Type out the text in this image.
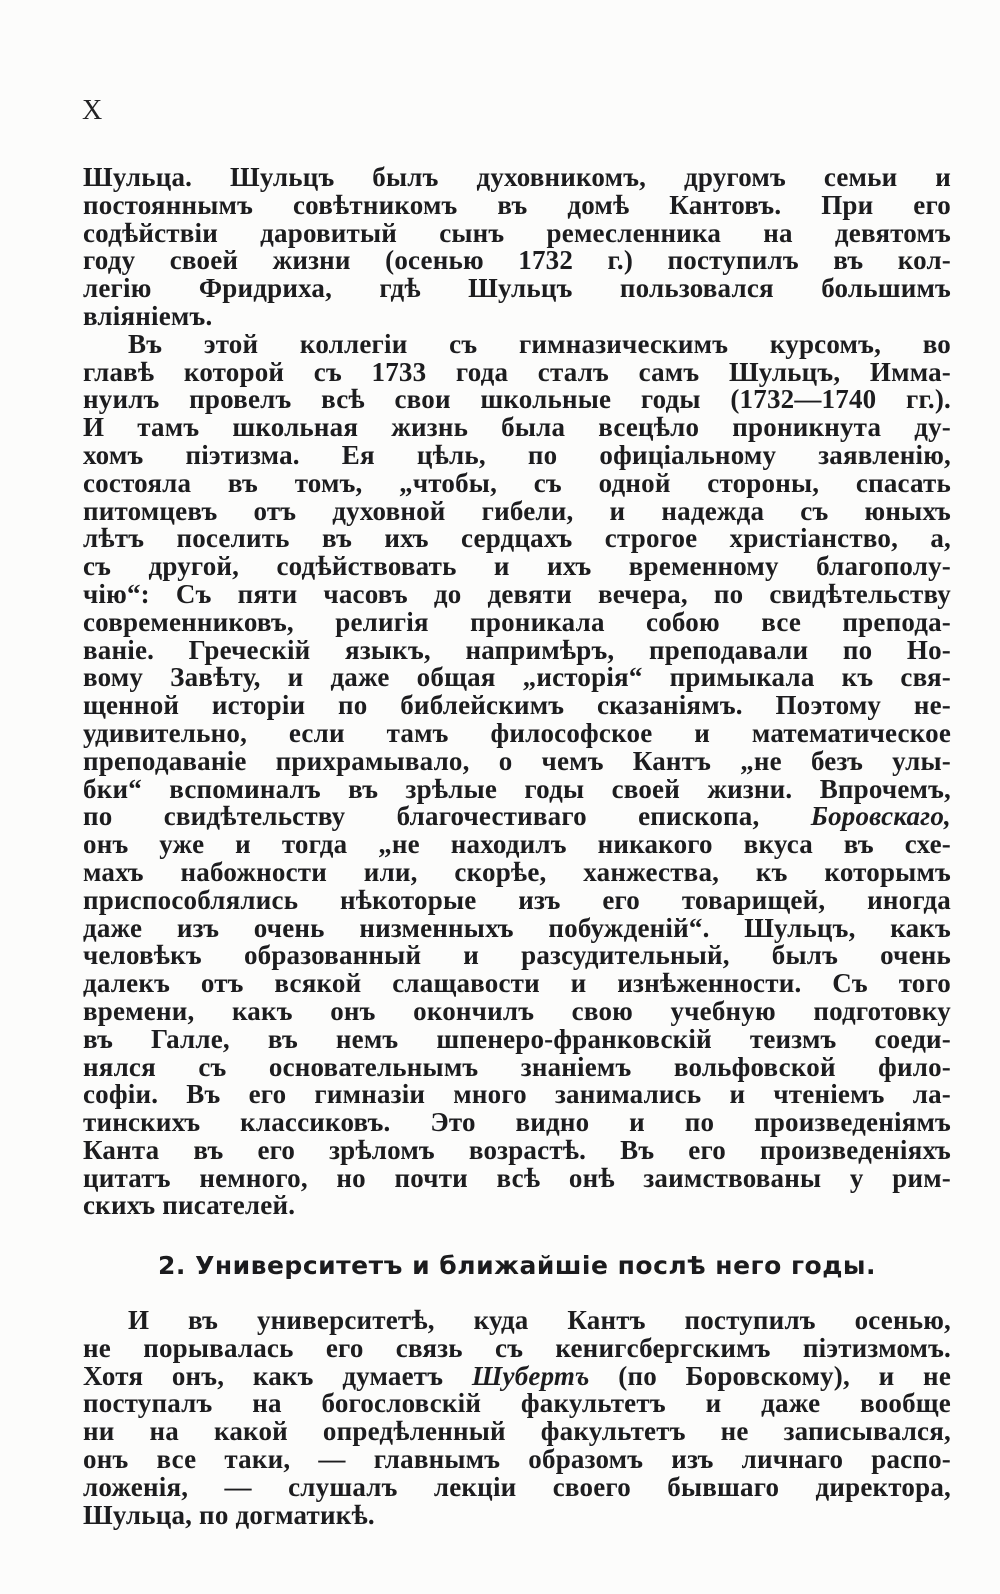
X
Шульца. Шульцъ былъ духовникомъ, другомъ семьи и
постояннымъ совѣтникомъ въ домѣ Кантовъ. При его
содѣйствіи даровитый сынъ ремесленника на девятомъ
году своей жизни (осенью 1732 г.) поступилъ въ кол-
легію Фридриха, гдѣ Шульцъ пользовался большимъ
вліяніемъ.
Въ этой коллегіи съ гимназическимъ курсомъ, во
главѣ которой съ 1733 года сталъ самъ Шульцъ, Имма-
нуилъ провелъ всѣ свои школьные годы (1732—1740 гг.).
И тамъ школьная жизнь была всецѣло проникнута ду-
хомъ піэтизма. Ея цѣль, по офиціальному заявленію,
состояла въ томъ, „чтобы, съ одной стороны, спасать
питомцевъ отъ духовной гибели, и надежда съ юныхъ
лѣтъ поселить въ ихъ сердцахъ строгое христіанство, а,
съ другой, содѣйствовать и ихъ временному благополу-
чію“: Съ пяти часовъ до девяти вечера, по свидѣтельству
современниковъ, религія проникала собою все препода-
ваніе. Греческій языкъ, напримѣръ, преподавали по Но-
вому Завѣту, и даже общая „исторія“ примыкала къ свя-
щенной исторіи по библейскимъ сказаніямъ. Поэтому не-
удивительно, если тамъ философское и математическое
преподаваніе прихрамывало, о чемъ Кантъ „не безъ улы-
бки“ вспоминалъ въ зрѣлые годы своей жизни. Впрочемъ,
по свидѣтельству благочестиваго епископа, Боровскаго,
онъ уже и тогда „не находилъ никакого вкуса въ схе-
махъ набожности или, скорѣе, ханжества, къ которымъ
приспособлялись нѣкоторые изъ его товарищей, иногда
даже изъ очень низменныхъ побужденій“. Шульцъ, какъ
человѣкъ образованный и разсудительный, былъ очень
далекъ отъ всякой слащавости и изнѣженности. Съ того
времени, какъ онъ окончилъ свою учебную подготовку
въ Галле, въ немъ шпенеро-франковскій теизмъ соеди-
нялся съ основательнымъ знаніемъ вольфовской фило-
софіи. Въ его гимназіи много занимались и чтеніемъ ла-
тинскихъ классиковъ. Это видно и по произведеніямъ
Канта въ его зрѣломъ возрастѣ. Въ его произведеніяхъ
цитатъ немного, но почти всѣ онѣ заимствованы у рим-
скихъ писателей.
2. Университетъ и ближайшіе послѣ него годы.
И въ университетѣ, куда Кантъ поступилъ осенью,
не порывалась его связь съ кенигсбергскимъ піэтизмомъ.
Хотя онъ, какъ думаетъ Шубертъ (по Боровскому), и не
поступалъ на богословскій факультетъ и даже вообще
ни на какой опредѣленный факультетъ не записывался,
онъ все таки, — главнымъ образомъ изъ личнаго распо-
ложенія, — слушалъ лекціи своего бывшаго директора,
Шульца, по догматикѣ.
